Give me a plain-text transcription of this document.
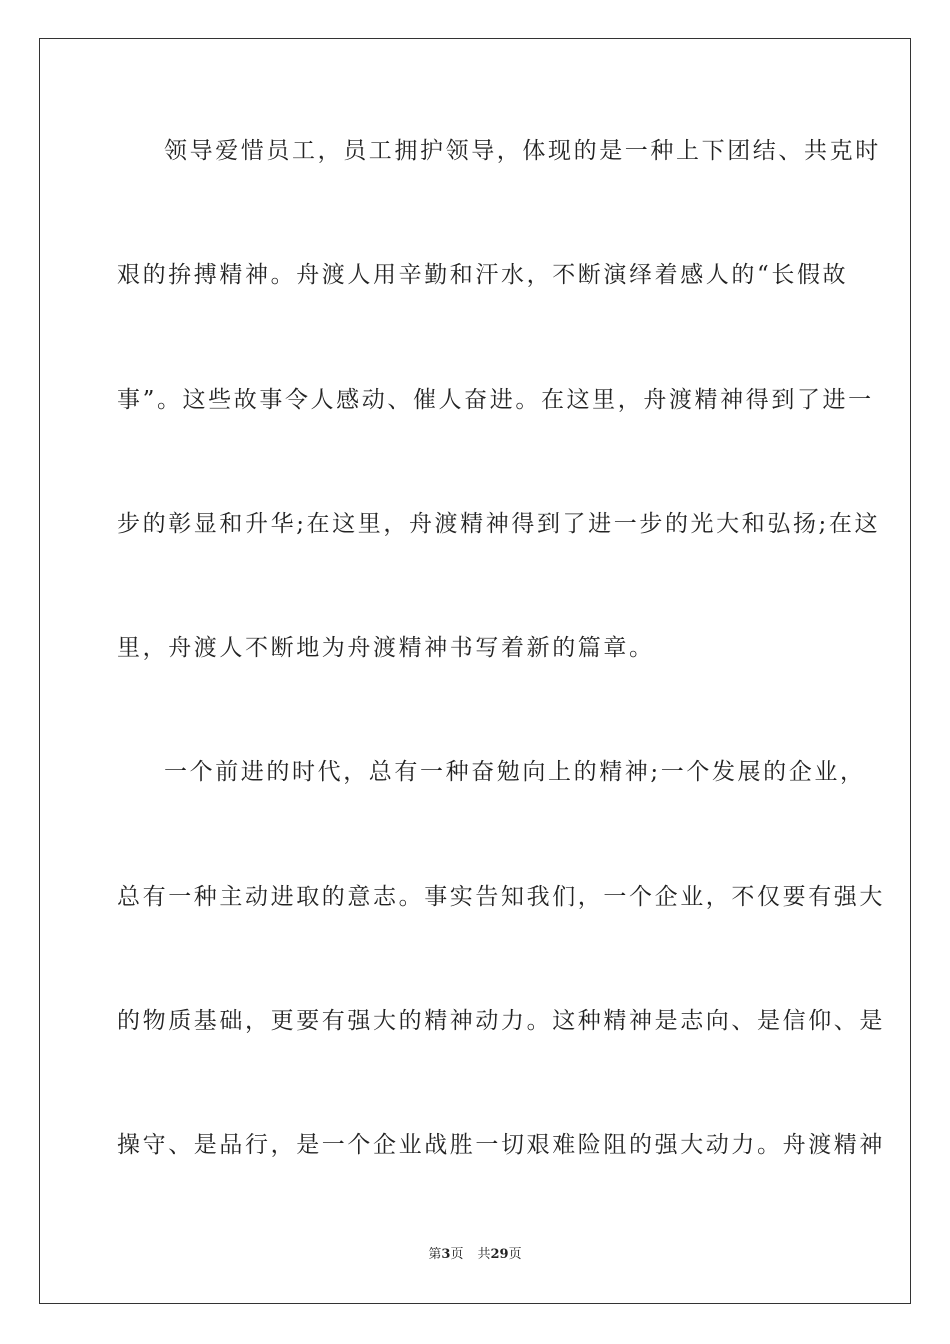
领导爱惜员工，员工拥护领导，体现的是一种上下团结、共克时
艰的拚搏精神。舟渡人用辛勤和汗水，不断演绎着感人的“长假故
事”。这些故事令人感动、催人奋进。在这里，舟渡精神得到了进一
步的彰显和升华;在这里，舟渡精神得到了进一步的光大和弘扬;在这
里，舟渡人不断地为舟渡精神书写着新的篇章。
一个前进的时代，总有一种奋勉向上的精神;一个发展的企业，
总有一种主动进取的意志。事实告知我们，一个企业，不仅要有强大
的物质基础，更要有强大的精神动力。这种精神是志向、是信仰、是
操守、是品行，是一个企业战胜一切艰难险阻的强大动力。舟渡精神
第3页 共29页
